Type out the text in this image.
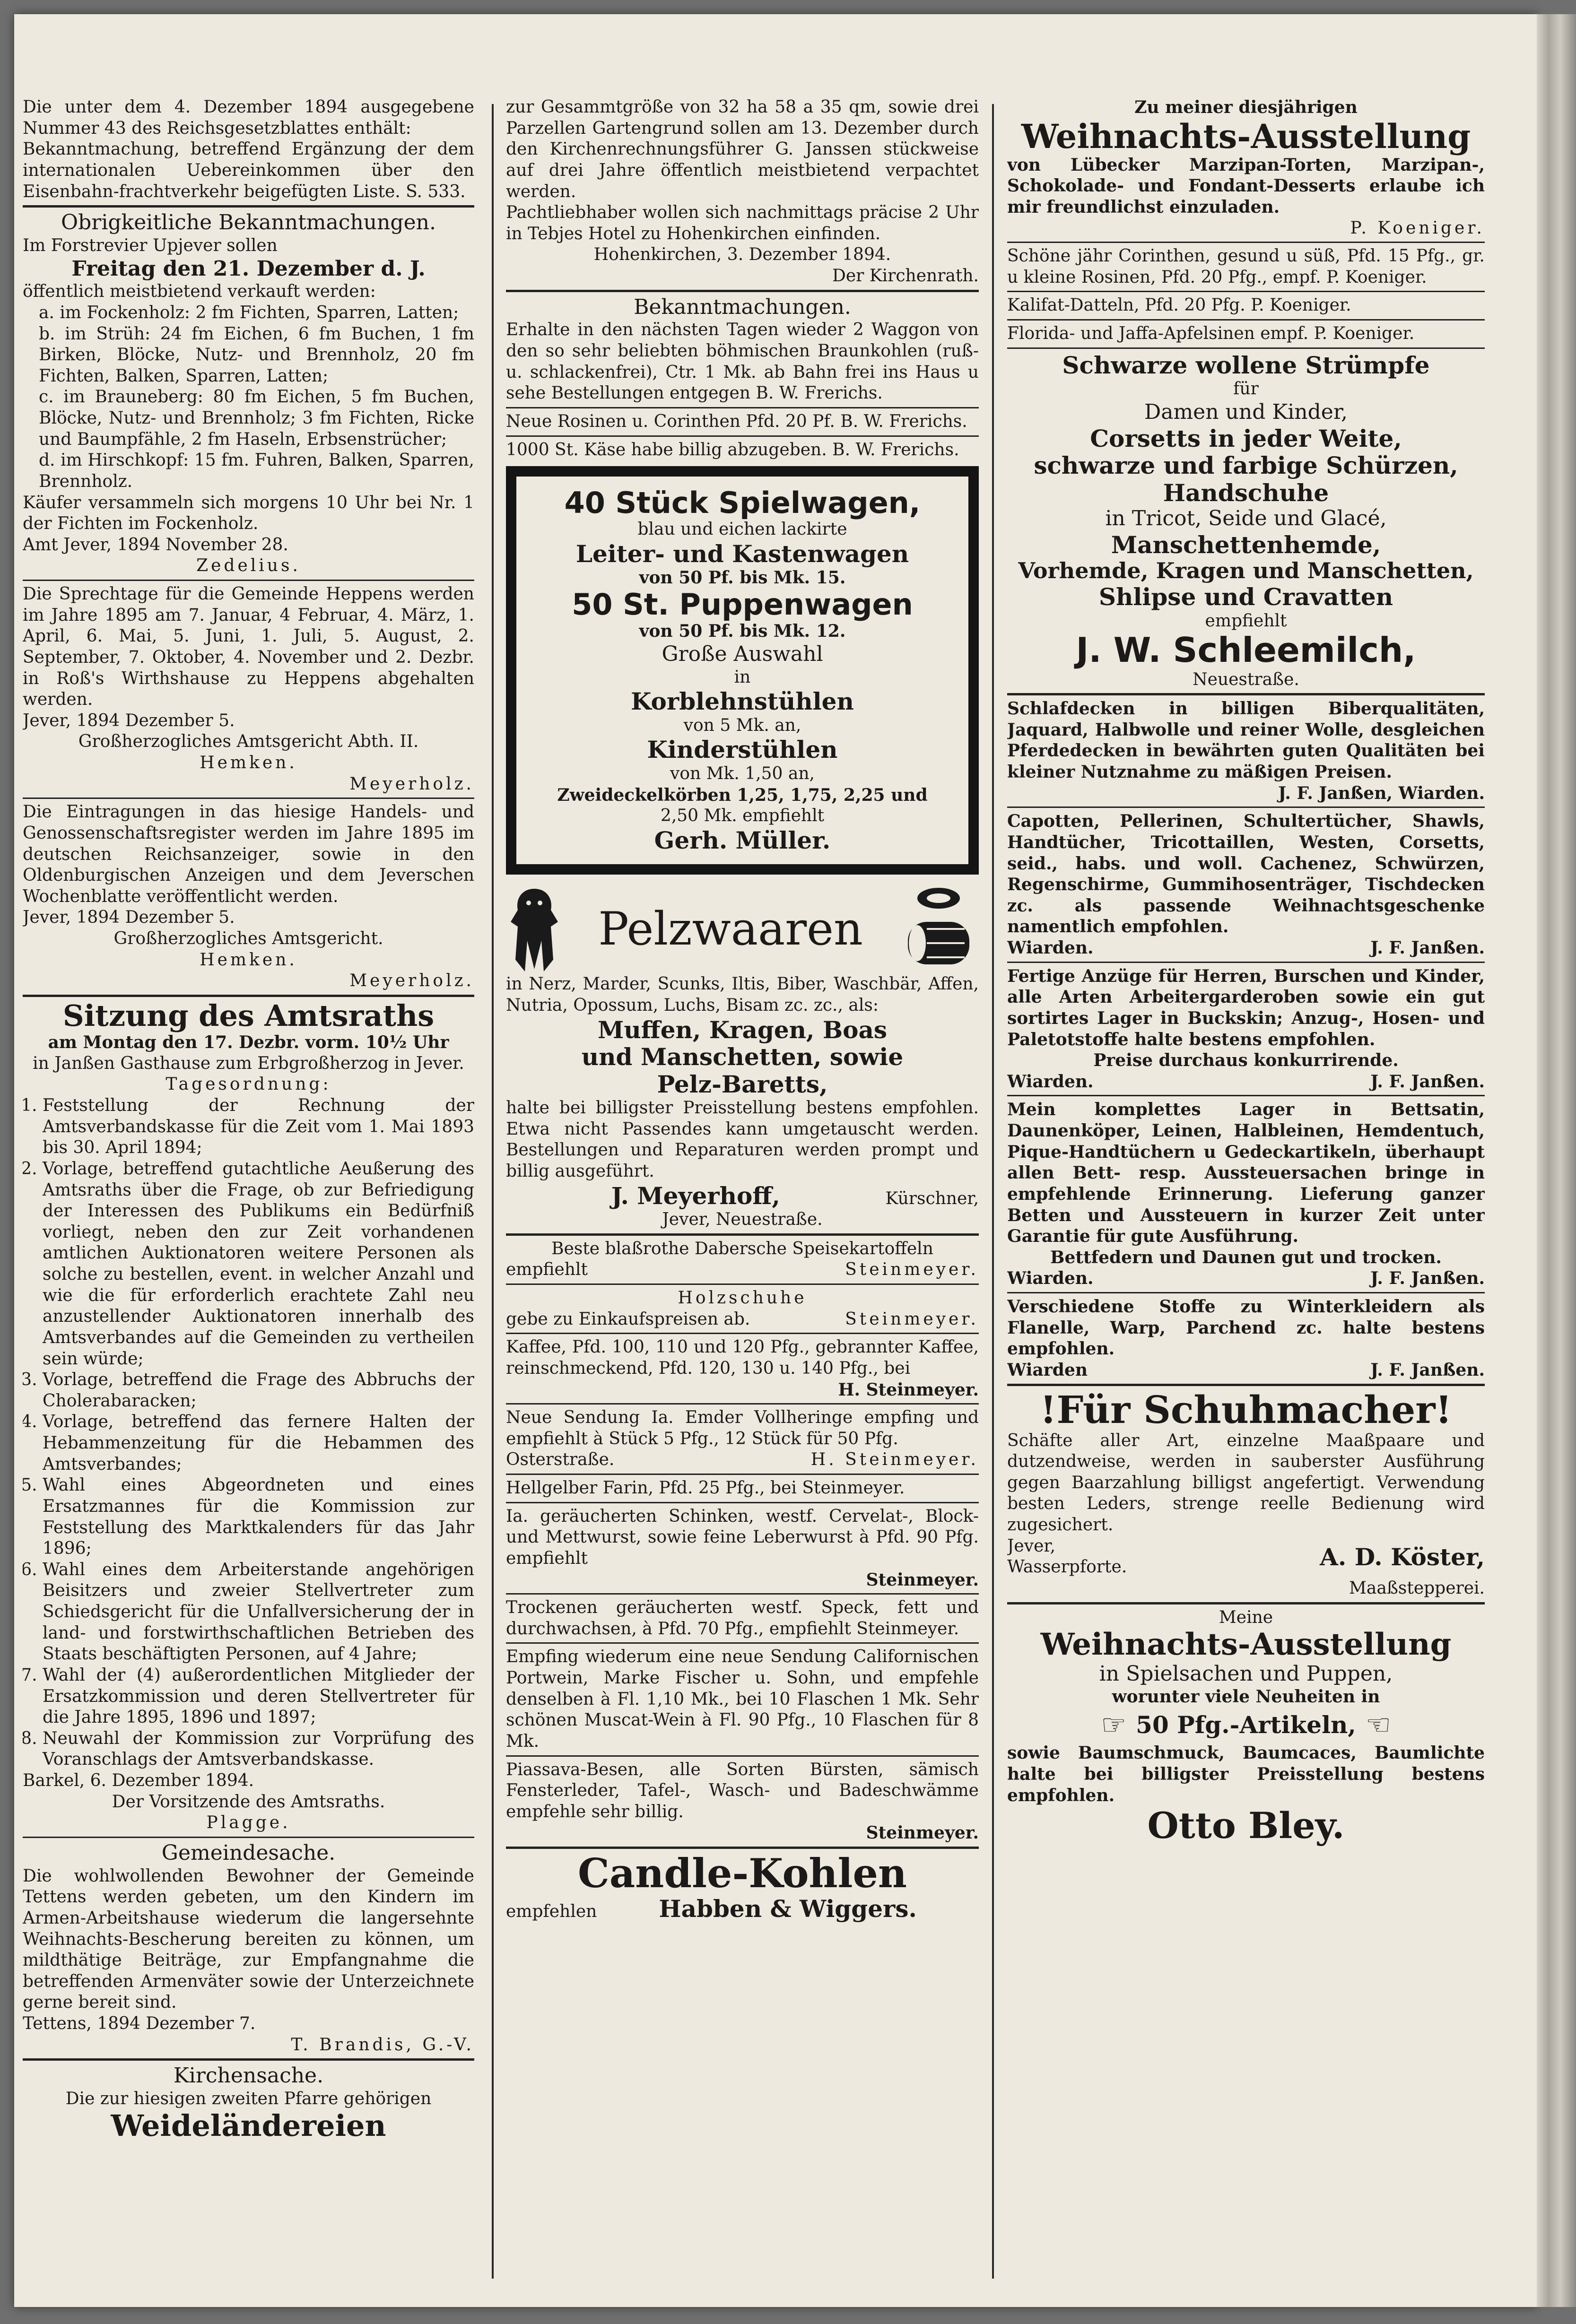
Die unter dem 4. Dezember 1894 ausgegebene Nummer 43 des Reichsgesetzblattes enthält:

Bekanntmachung, betreffend Ergänzung der dem internationalen Uebereinkommen über den Eisenbahn-frachtverkehr beigefügten Liste. S. 533.

Obrigkeitliche Bekanntmachungen.

Im Forstrevier Upjever sollen

Freitag den 21. Dezember d. J.

öffentlich meistbietend verkauft werden:

a. im Fockenholz: 2 fm Fichten, Sparren, Latten;

b. im Strüh: 24 fm Eichen, 6 fm Buchen, 1 fm Birken, Blöcke, Nutz- und Brennholz, 20 fm Fichten, Balken, Sparren, Latten;

c. im Brauneberg: 80 fm Eichen, 5 fm Buchen, Blöcke, Nutz- und Brennholz; 3 fm Fichten, Ricke und Baumpfähle, 2 fm Haseln, Erbsenstrücher;

d. im Hirschkopf: 15 fm. Fuhren, Balken, Sparren, Brennholz.

Käufer versammeln sich morgens 10 Uhr bei Nr. 1 der Fichten im Fockenholz.

Amt Jever, 1894 November 28.

Zedelius.

Die Sprechtage für die Gemeinde Heppens werden im Jahre 1895 am 7. Januar, 4 Februar, 4. März, 1. April, 6. Mai, 5. Juni, 1. Juli, 5. August, 2. September, 7. Oktober, 4. November und 2. Dezbr. in Roß's Wirthshause zu Heppens abgehalten werden.

Jever, 1894 Dezember 5.

Großherzogliches Amtsgericht Abth. II.

Hemken.

Meyerholz.

Die Eintragungen in das hiesige Handels- und Genossenschaftsregister werden im Jahre 1895 im deutschen Reichsanzeiger, sowie in den Oldenburgischen Anzeigen und dem Jeverschen Wochenblatte veröffentlicht werden.

Jever, 1894 Dezember 5.

Großherzogliches Amtsgericht.

Hemken.

Meyerholz.

Sitzung des Amtsraths

am Montag den 17. Dezbr. vorm. 10½ Uhr

in Janßen Gasthause zum Erbgroßherzog in Jever.

Tagesordnung:

1. Feststellung der Rechnung der Amtsverbandskasse für die Zeit vom 1. Mai 1893 bis 30. April 1894;
2. Vorlage, betreffend gutachtliche Aeußerung des Amtsraths über die Frage, ob zur Befriedigung der Interessen des Publikums ein Bedürfniß vorliegt, neben den zur Zeit vorhandenen amtlichen Auktionatoren weitere Personen als solche zu bestellen, event. in welcher Anzahl und wie die für erforderlich erachtete Zahl neu anzustellender Auktionatoren innerhalb des Amtsverbandes auf die Gemeinden zu vertheilen sein würde;
3. Vorlage, betreffend die Frage des Abbruchs der Cholerabaracken;
4. Vorlage, betreffend das fernere Halten der Hebammenzeitung für die Hebammen des Amtsverbandes;
5. Wahl eines Abgeordneten und eines Ersatzmannes für die Kommission zur Feststellung des Marktkalenders für das Jahr 1896;
6. Wahl eines dem Arbeiterstande angehörigen Beisitzers und zweier Stellvertreter zum Schiedsgericht für die Unfallversicherung der in land- und forstwirthschaftlichen Betrieben des Staats beschäftigten Personen, auf 4 Jahre;
7. Wahl der (4) außerordentlichen Mitglieder der Ersatzkommission und deren Stellvertreter für die Jahre 1895, 1896 und 1897;
8. Neuwahl der Kommission zur Vorprüfung des Voranschlags der Amtsverbandskasse.

Barkel, 6. Dezember 1894.

Der Vorsitzende des Amtsraths.

Plagge.

Gemeindesache.

Die wohlwollenden Bewohner der Gemeinde Tettens werden gebeten, um den Kindern im Armen-Arbeitshause wiederum die langersehnte Weihnachts-Bescherung bereiten zu können, um mildthätige Beiträge, zur Empfangnahme die betreffenden Armenväter sowie der Unterzeichnete gerne bereit sind.

Tettens, 1894 Dezember 7.

T. Brandis, G.-V.

Kirchensache.

Die zur hiesigen zweiten Pfarre gehörigen

Weideländereien

zur Gesammtgröße von 32 ha 58 a 35 qm, sowie drei Parzellen Gartengrund sollen am 13. Dezember durch den Kirchenrechnungsführer G. Janssen stückweise auf drei Jahre öffentlich meistbietend verpachtet werden.

Pachtliebhaber wollen sich nachmittags präcise 2 Uhr in Tebjes Hotel zu Hohenkirchen einfinden.

Hohenkirchen, 3. Dezember 1894.

Der Kirchenrath.

Bekanntmachungen.

Erhalte in den nächsten Tagen wieder 2 Waggon von den so sehr beliebten böhmischen Braunkohlen (ruß- u. schlackenfrei), Ctr. 1 Mk. ab Bahn frei ins Haus u sehe Bestellungen entgegen B. W. Frerichs.

Neue Rosinen u. Corinthen Pfd. 20 Pf. B. W. Frerichs.

1000 St. Käse habe billig abzugeben. B. W. Frerichs.

40 Stück Spielwagen,

blau und eichen lackirte

Leiter- und Kastenwagen

von 50 Pf. bis Mk. 15.

50 St. Puppenwagen

von 50 Pf. bis Mk. 12.

Große Auswahl

in

Korblehnstühlen

von 5 Mk. an,

Kinderstühlen

von Mk. 1,50 an,

Zweideckelkörben 1,25, 1,75, 2,25 und

2,50 Mk. empfiehlt

Gerh. Müller.

Pelzwaaren

in Nerz, Marder, Scunks, Iltis, Biber, Waschbär, Affen, Nutria, Opossum, Luchs, Bisam zc. zc., als:

Muffen, Kragen, Boas

und Manschetten, sowie

Pelz-Baretts,

halte bei billigster Preisstellung bestens empfohlen. Etwa nicht Passendes kann umgetauscht werden. Bestellungen und Reparaturen werden prompt und billig ausgeführt.

J. Meyerhoff,	Kürschner,

Jever, Neuestraße.

Beste blaßrothe Dabersche Speisekartoffeln

empfiehlt	Steinmeyer.

Holzschuhe

gebe zu Einkaufspreisen ab.	Steinmeyer.

Kaffee, Pfd. 100, 110 und 120 Pfg., gebrannter Kaffee, reinschmeckend, Pfd. 120, 130 u. 140 Pfg., bei

H. Steinmeyer.

Neue Sendung Ia. Emder Vollheringe empfing und empfiehlt à Stück 5 Pfg., 12 Stück für 50 Pfg.

Osterstraße.	H. Steinmeyer.

Hellgelber Farin, Pfd. 25 Pfg., bei Steinmeyer.

Ia. geräucherten Schinken, westf. Cervelat-, Block- und Mettwurst, sowie feine Leberwurst à Pfd. 90 Pfg. empfiehlt

Steinmeyer.

Trockenen geräucherten westf. Speck, fett und durchwachsen, à Pfd. 70 Pfg., empfiehlt Steinmeyer.

Empfing wiederum eine neue Sendung Californischen Portwein, Marke Fischer u. Sohn, und empfehle denselben à Fl. 1,10 Mk., bei 10 Flaschen 1 Mk. Sehr schönen Muscat-Wein à Fl. 90 Pfg., 10 Flaschen für 8 Mk.

Piassava-Besen, alle Sorten Bürsten, sämisch Fensterleder, Tafel-, Wasch- und Badeschwämme empfehle sehr billig.

Steinmeyer.

Candle-Kohlen

empfehlen	Habben & Wiggers.

Zu meiner diesjährigen

Weihnachts-Ausstellung

von Lübecker Marzipan-Torten, Marzipan-, Schokolade- und Fondant-Desserts erlaube ich mir freundlichst einzuladen.

P. Koeniger.

Schöne jähr Corinthen, gesund u süß, Pfd. 15 Pfg., gr. u kleine Rosinen, Pfd. 20 Pfg., empf. P. Koeniger.

Kalifat-Datteln, Pfd. 20 Pfg. P. Koeniger.

Florida- und Jaffa-Apfelsinen empf. P. Koeniger.

Schwarze wollene Strümpfe

für

Damen und Kinder,

Corsetts in jeder Weite,

schwarze und farbige Schürzen,

Handschuhe

in Tricot, Seide und Glacé,

Manschettenhemde,

Vorhemde, Kragen und Manschetten,

Shlipse und Cravatten

empfiehlt

J. W. Schleemilch,

Neuestraße.

Schlafdecken in billigen Biberqualitäten, Jaquard, Halbwolle und reiner Wolle, desgleichen Pferdedecken in bewährten guten Qualitäten bei kleiner Nutznahme zu mäßigen Preisen.

J. F. Janßen, Wiarden.

Capotten, Pellerinen, Schultertücher, Shawls, Handtücher, Tricottaillen, Westen, Corsetts, seid., habs. und woll. Cachenez, Schwürzen, Regenschirme, Gummihosenträger, Tischdecken zc. als passende Weihnachtsgeschenke namentlich empfohlen.

Wiarden.	J. F. Janßen.

Fertige Anzüge für Herren, Burschen und Kinder, alle Arten Arbeitergarderoben sowie ein gut sortirtes Lager in Buckskin; Anzug-, Hosen- und Paletotstoffe halte bestens empfohlen.

Preise durchaus konkurrirende.

Wiarden.	J. F. Janßen.

Mein komplettes Lager in Bettsatin, Daunenköper, Leinen, Halbleinen, Hemdentuch, Pique-Handtüchern u Gedeckartikeln, überhaupt allen Bett- resp. Aussteuersachen bringe in empfehlende Erinnerung. Lieferung ganzer Betten und Aussteuern in kurzer Zeit unter Garantie für gute Ausführung.

Bettfedern und Daunen gut und trocken.

Wiarden.	J. F. Janßen.

Verschiedene Stoffe zu Winterkleidern als Flanelle, Warp, Parchend zc. halte bestens empfohlen.

Wiarden	J. F. Janßen.

!Für Schuhmacher!

Schäfte aller Art, einzelne Maaßpaare und dutzendweise, werden in sauberster Ausführung gegen Baarzahlung billigst angefertigt. Verwendung besten Leders, strenge reelle Bedienung wird zugesichert.

Jever,

Wasserpforte.	A. D. Köster,

Maaßstepperei.

Meine

Weihnachts-Ausstellung

in Spielsachen und Puppen,

worunter viele Neuheiten in

☞ 50 Pfg.-Artikeln, ☞

sowie Baumschmuck, Baumcaces, Baumlichte halte bei billigster Preisstellung bestens empfohlen.

Otto Bley.
